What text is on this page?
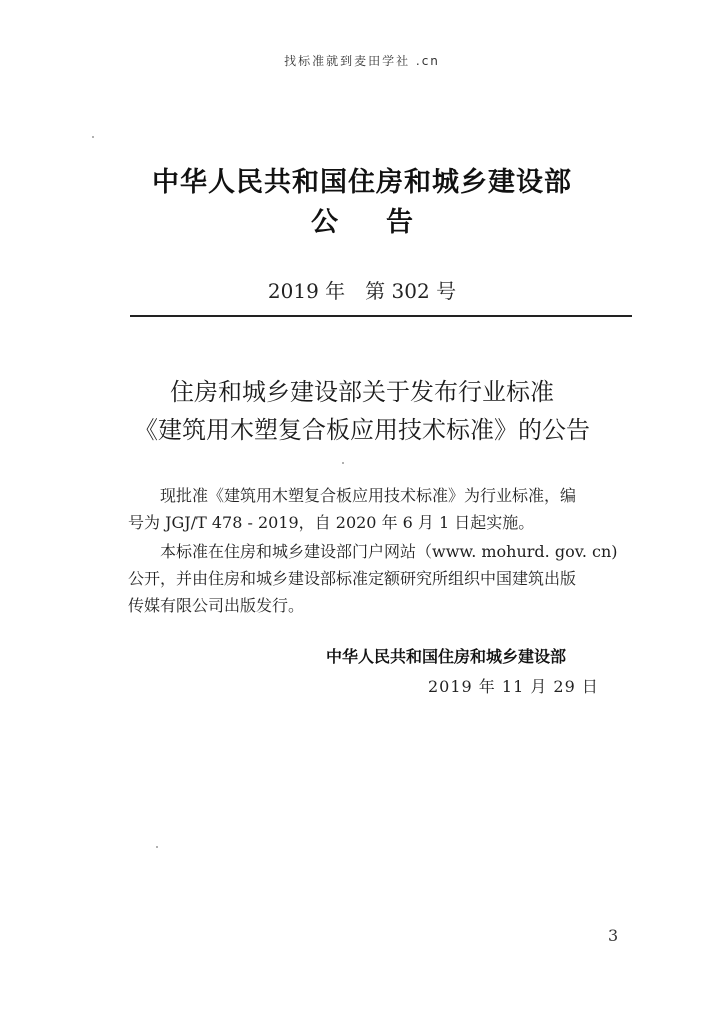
找标准就到麦田学社 .cn
中华人民共和国住房和城乡建设部
公告
2019 年　第 302 号
住房和城乡建设部关于发布行业标准
《建筑用木塑复合板应用技术标准》的公告
现批准《建筑用木塑复合板应用技术标准》为行业标准，编
号为 JGJ/T 478 - 2019，自 2020 年 6 月 1 日起实施。
本标准在住房和城乡建设部门户网站（www. mohurd. gov. cn)
公开，并由住房和城乡建设部标准定额研究所组织中国建筑出版
传媒有限公司出版发行。
中华人民共和国住房和城乡建设部
2019 年 11 月 29 日
3
